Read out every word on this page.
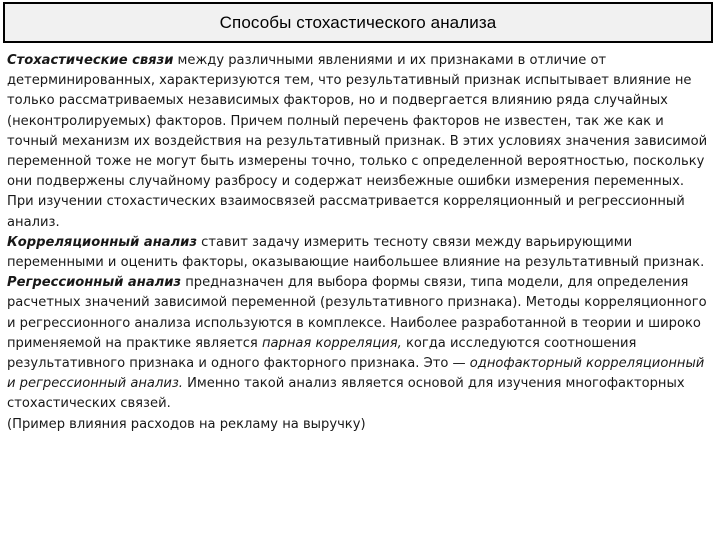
Способы стохастического анализа

Стохастические связи между различными явлениями и их признаками в отличие от детерминированных, характеризуются тем, что результативный признак испытывает влияние не только рассматриваемых независимых факторов, но и подвергается влиянию ряда случайных (неконтролируемых) факторов. Причем полный перечень факторов не известен, так же как и точный механизм их воздействия на результативный признак. В этих условиях значения зависимой переменной тоже не могут быть измерены точно, только с определенной вероятностью, поскольку они подвержены случайному разбросу и содержат неизбежные ошибки измерения переменных.

При изучении стохастических взаимосвязей рассматривается корреляционный и регрессионный анализ.

Корреляционный анализ ставит задачу измерить тесноту связи между варьирующими переменными и оценить факторы, оказывающие наибольшее влияние на результативный признак.

Регрессионный анализ предназначен для выбора формы связи, типа модели, для определения расчетных значений зависимой переменной (результативного признака). Методы корреляционного и регрессионного анализа используются в комплексе. Наиболее разработанной в теории и широко применяемой на практике является парная корреляция, когда исследуются соотношения результативного признака и одного факторного признака. Это — однофакторный корреляционный и регрессионный анализ. Именно такой анализ является основой для изучения многофакторных стохастических связей.

(Пример влияния расходов на рекламу на выручку)
